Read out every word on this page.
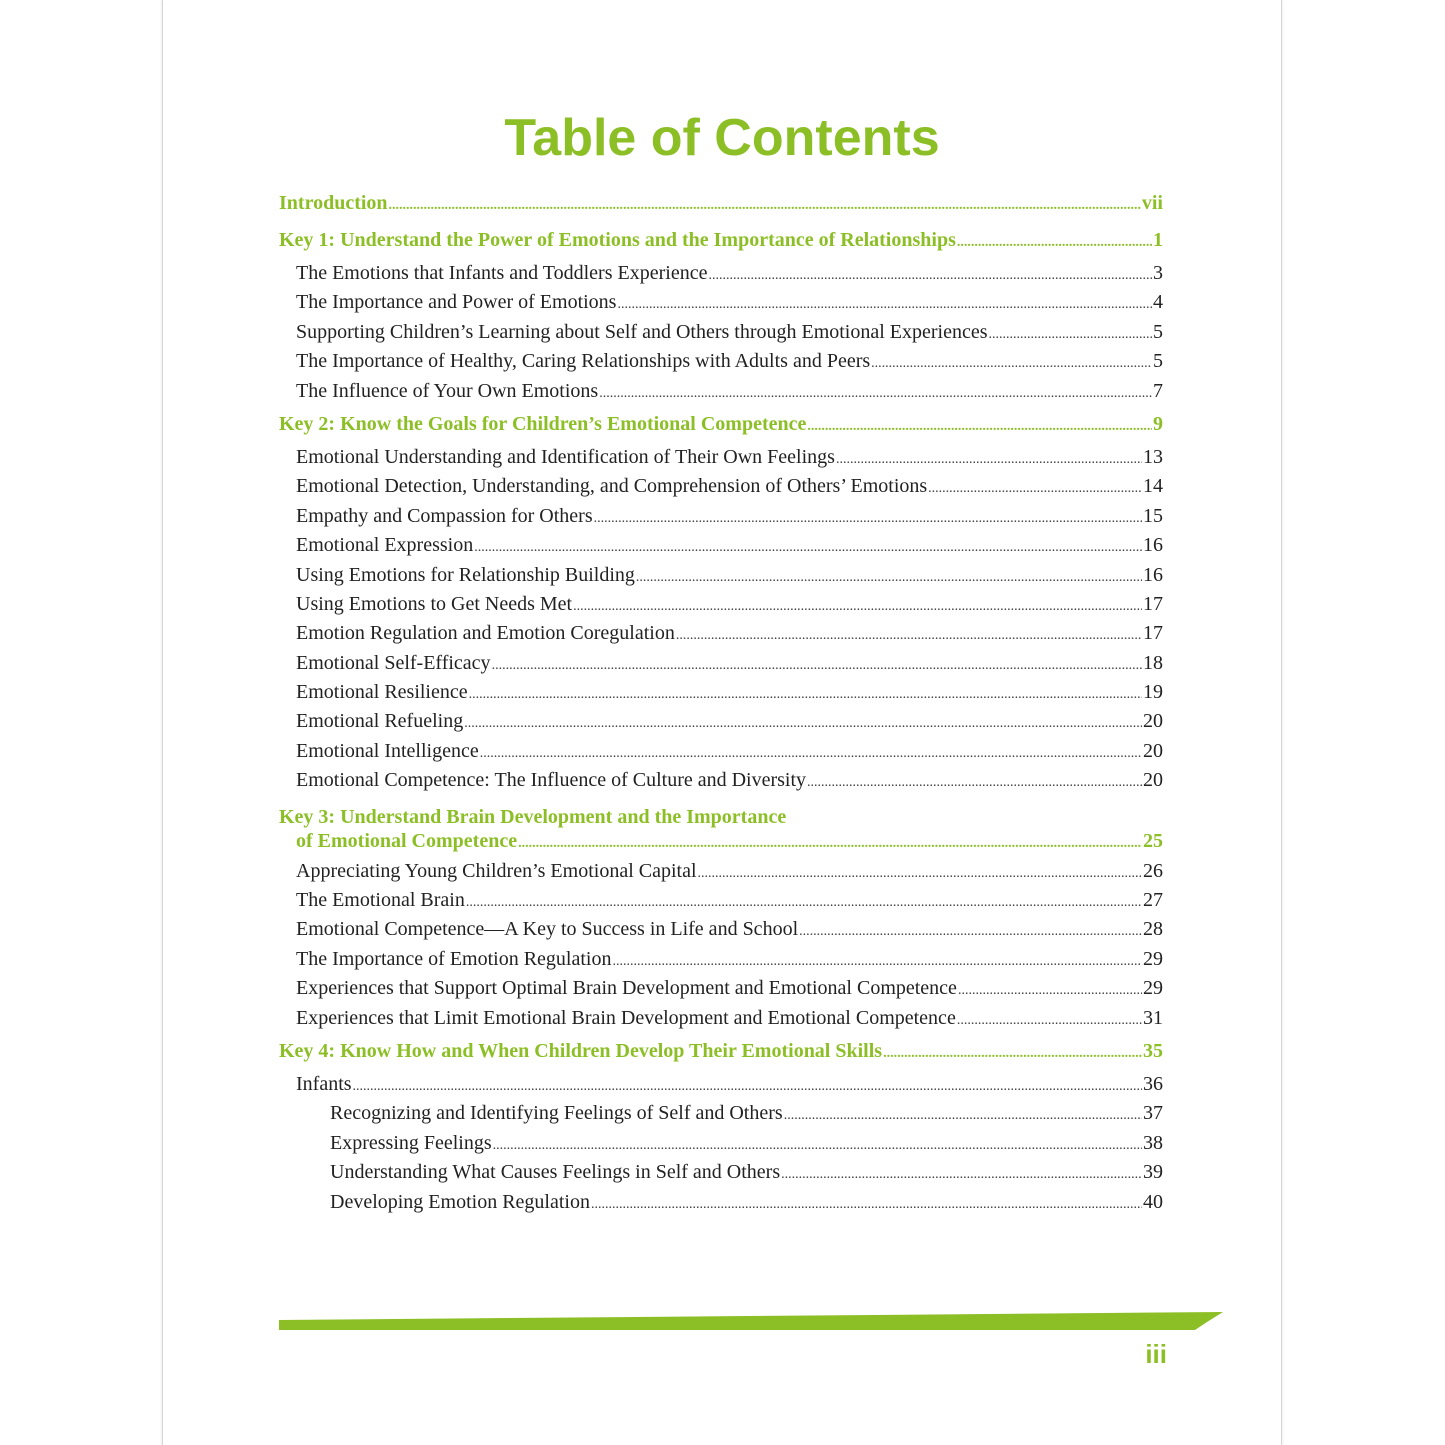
Table of Contents
Introduction .....	vii
Key 1: Understand the Power of Emotions and the Importance of Relationships .....	1
The Emotions that Infants and Toddlers Experience .....	3
The Importance and Power of Emotions .....	4
Supporting Children’s Learning about Self and Others through Emotional Experiences .....	5
The Importance of Healthy, Caring Relationships with Adults and Peers .....	5
The Influence of Your Own Emotions .....	7
Key 2: Know the Goals for Children’s Emotional Competence .....	9
Emotional Understanding and Identification of Their Own Feelings .....	13
Emotional Detection, Understanding, and Comprehension of Others’ Emotions .....	14
Empathy and Compassion for Others .....	15
Emotional Expression .....	16
Using Emotions for Relationship Building .....	16
Using Emotions to Get Needs Met .....	17
Emotion Regulation and Emotion Coregulation .....	17
Emotional Self-Efficacy .....	18
Emotional Resilience .....	19
Emotional Refueling .....	20
Emotional Intelligence .....	20
Emotional Competence: The Influence of Culture and Diversity .....	20
Key 3: Understand Brain Development and the Importance
of Emotional Competence .....	25
Appreciating Young Children’s Emotional Capital .....	26
The Emotional Brain .....	27
Emotional Competence—A Key to Success in Life and School .....	28
The Importance of Emotion Regulation .....	29
Experiences that Support Optimal Brain Development and Emotional Competence .....	29
Experiences that Limit Emotional Brain Development and Emotional Competence .....	31
Key 4: Know How and When Children Develop Their Emotional Skills .....	35
Infants .....	36
Recognizing and Identifying Feelings of Self and Others .....	37
Expressing Feelings .....	38
Understanding What Causes Feelings in Self and Others .....	39
Developing Emotion Regulation .....	40
iii
